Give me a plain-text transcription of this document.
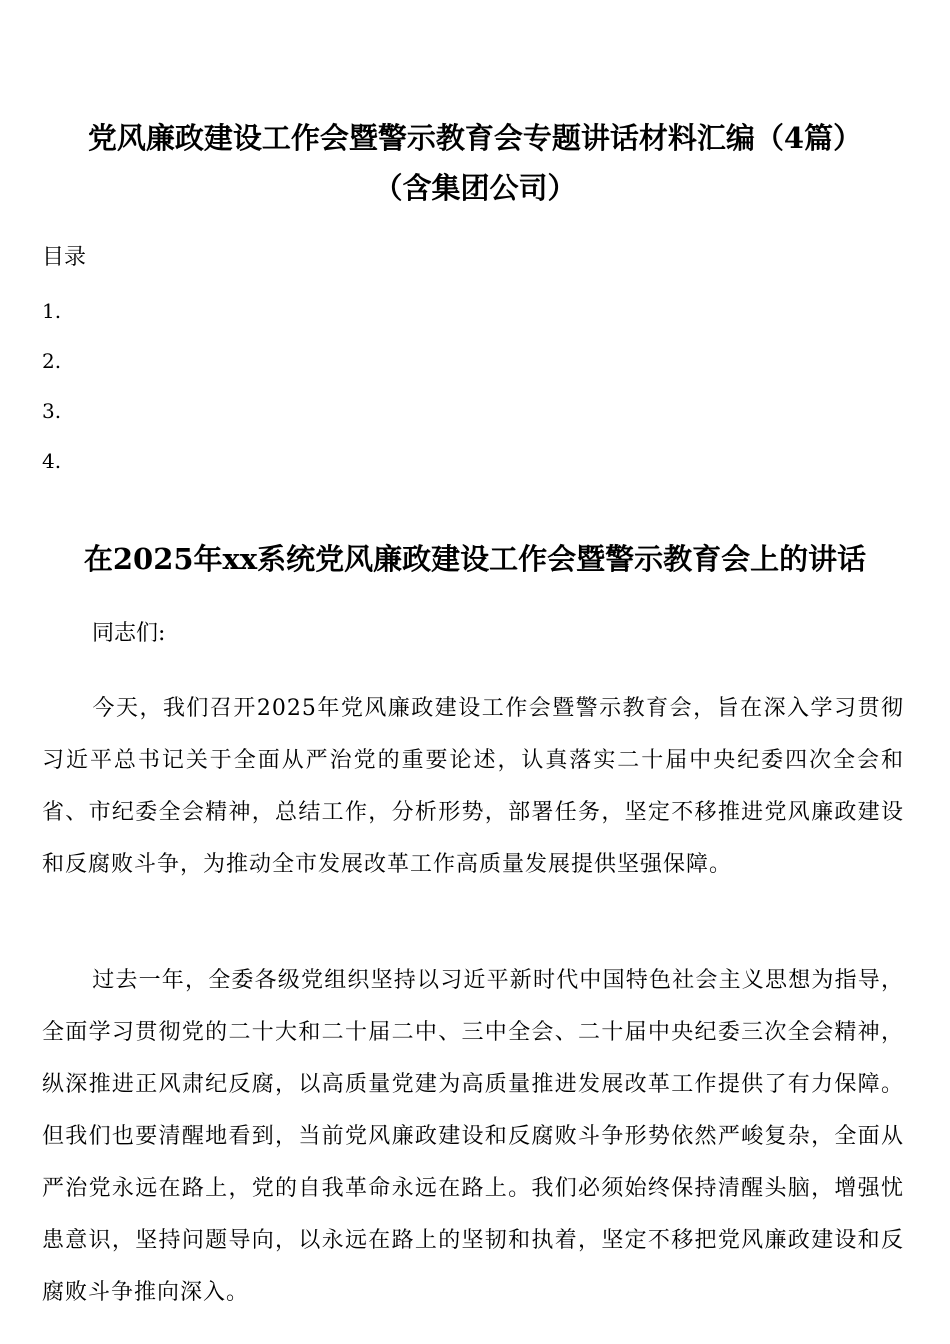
党风廉政建设工作会暨警示教育会专题讲话材料汇编（4篇）
（含集团公司）

目录

1.
2.
3.
4.
在2025年xx系统党风廉政建设工作会暨警示教育会上的讲话

同志们:

今天，我们召开2025年党风廉政建设工作会暨警示教育会，旨在深入学习贯彻习近平总书记关于全面从严治党的重要论述，认真落实二十届中央纪委四次全会和省、市纪委全会精神，总结工作，分析形势，部署任务，坚定不移推进党风廉政建设和反腐败斗争，为推动全市发展改革工作高质量发展提供坚强保障。

过去一年，全委各级党组织坚持以习近平新时代中国特色社会主义思想为指导，全面学习贯彻党的二十大和二十届二中、三中全会、二十届中央纪委三次全会精神，纵深推进正风肃纪反腐，以高质量党建为高质量推进发展改革工作提供了有力保障。但我们也要清醒地看到，当前党风廉政建设和反腐败斗争形势依然严峻复杂，全面从严治党永远在路上，党的自我革命永远在路上。我们必须始终保持清醒头脑，增强忧患意识，坚持问题导向，以永远在路上的坚韧和执着，坚定不移把党风廉政建设和反腐败斗争推向深入。
